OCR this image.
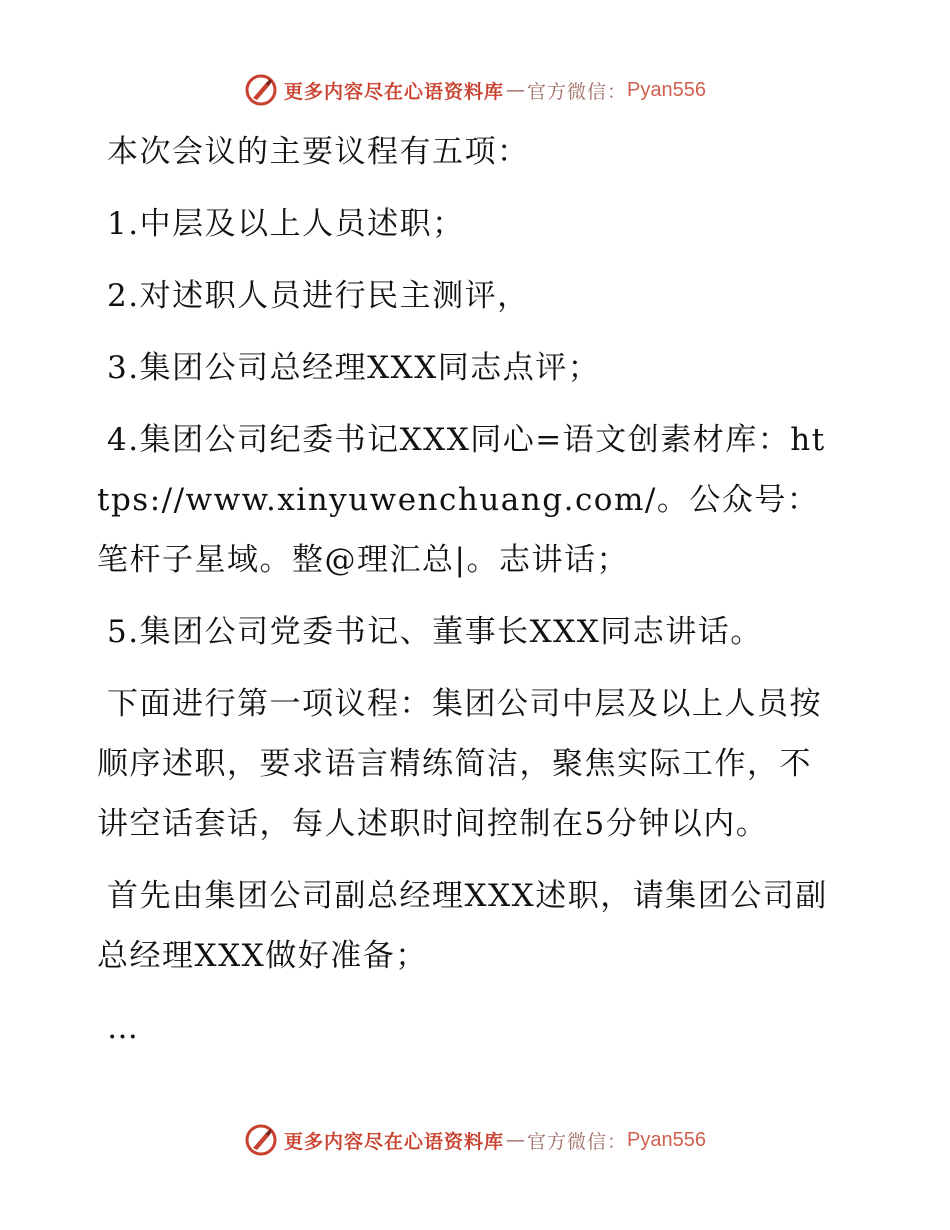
更多内容尽在心语资料库 — 官方微信： Pyan556

本次会议的主要议程有五项：

1.中层及以上人员述职；

2.对述职人员进行民主测评，

3.集团公司总经理XXX同志点评；

4.集团公司纪委书记XXX同心=语文创素材库：https://www.xinyuwenchuang.com/。公众号：笔杆子星域。整@理汇总|。志讲话；

5.集团公司党委书记、董事长XXX同志讲话。

下面进行第一项议程：集团公司中层及以上人员按顺序述职，要求语言精练简洁，聚焦实际工作，不讲空话套话，每人述职时间控制在5分钟以内。

首先由集团公司副总经理XXX述职，请集团公司副总经理XXX做好准备；

…

更多内容尽在心语资料库 — 官方微信： Pyan556
